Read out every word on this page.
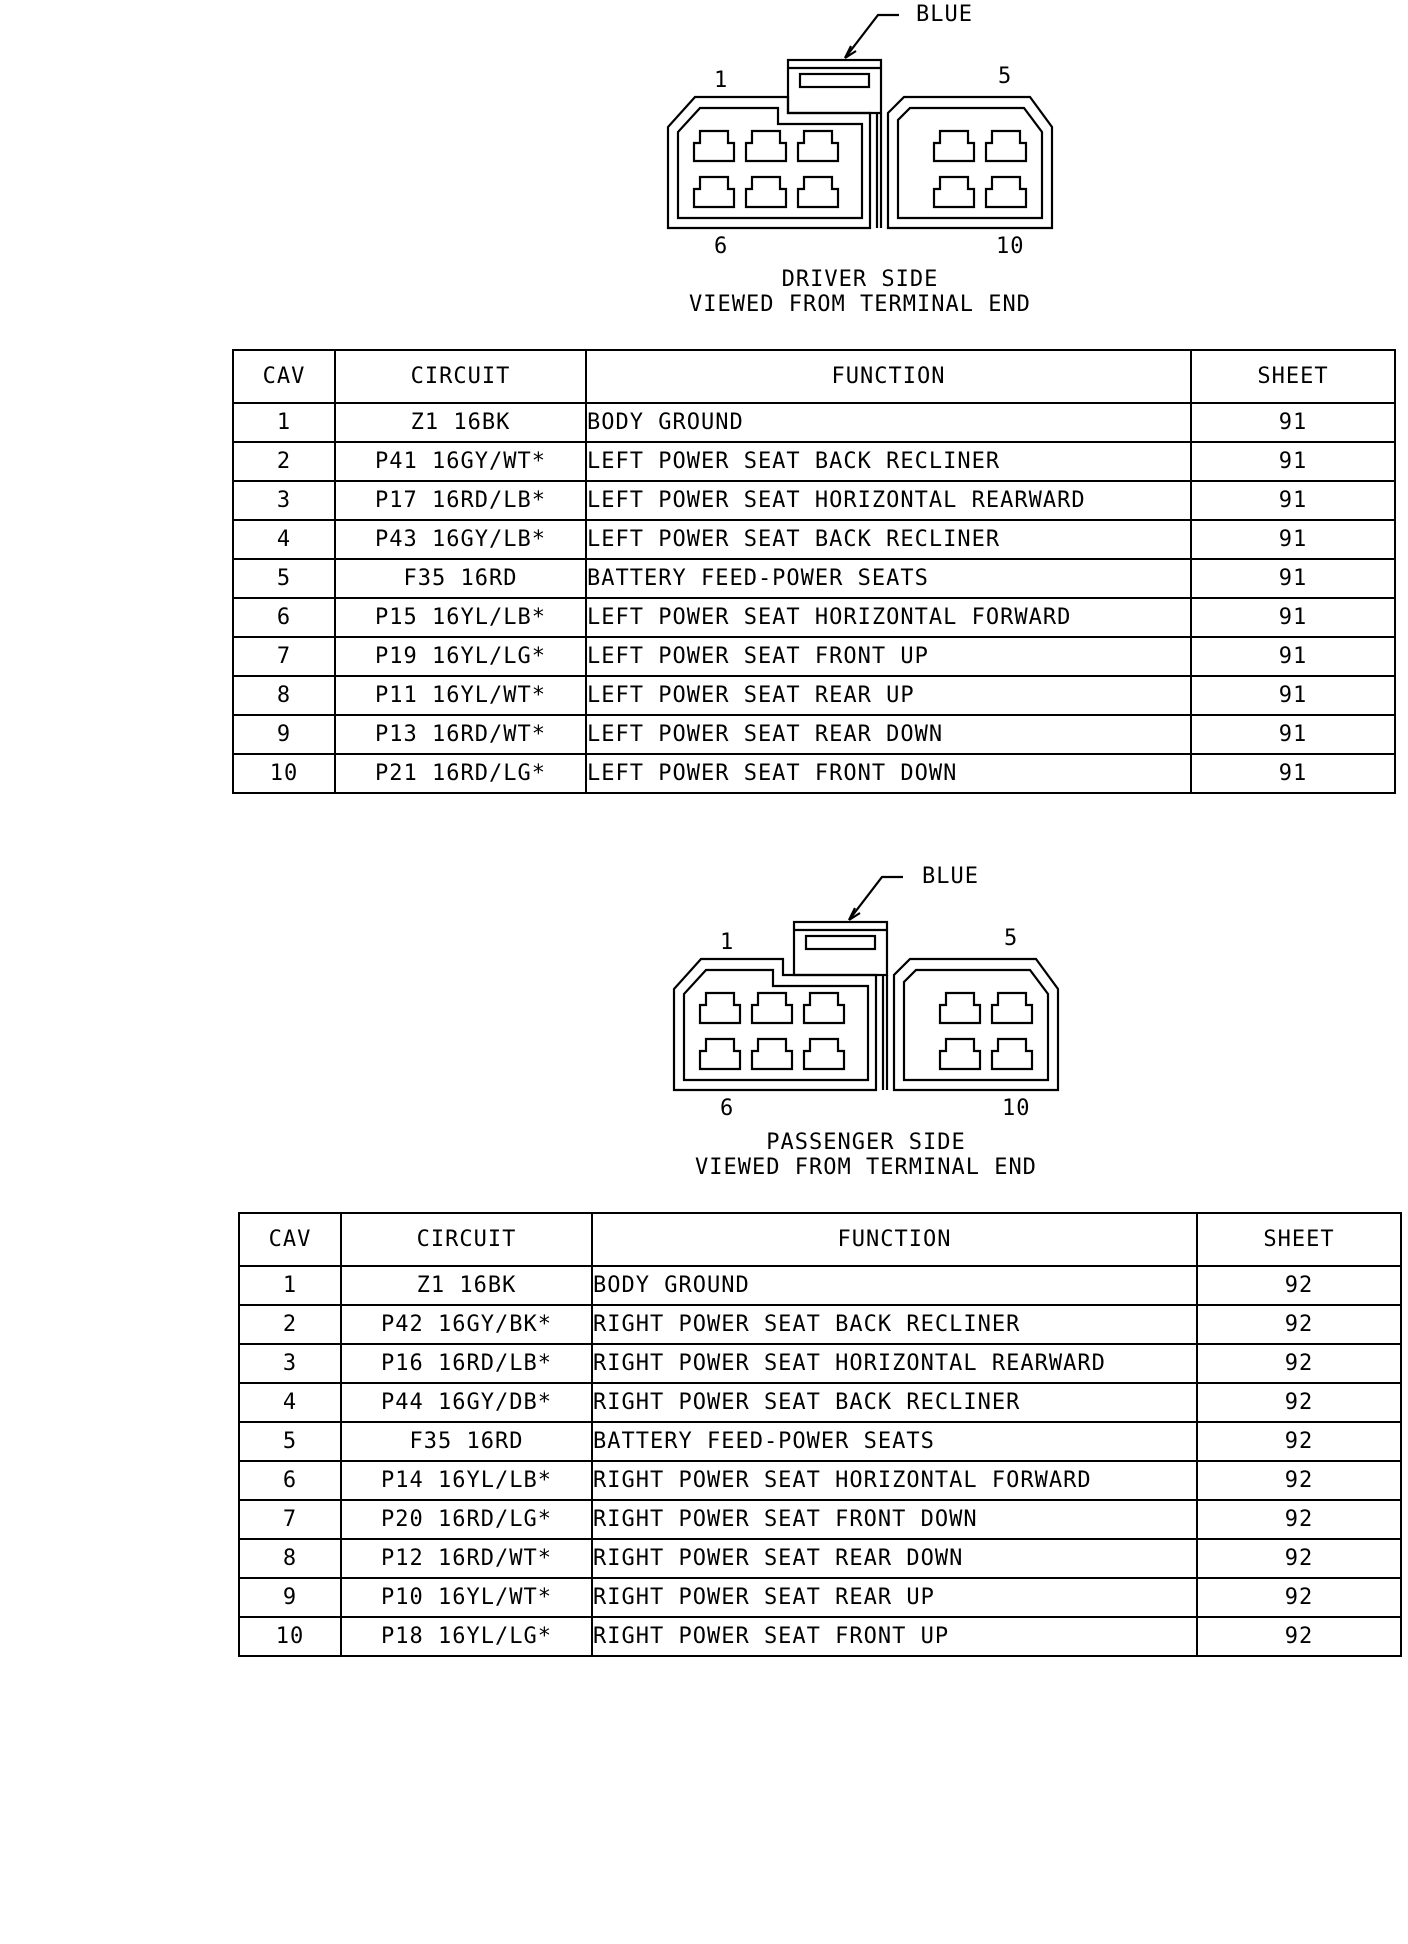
BLUE
1	5
6	10
DRIVER SIDE
VIEWED FROM TERMINAL END
CAV	CIRCUIT	FUNCTION	SHEET
1	Z1 16BK	BODY GROUND	91
2	P41 16GY/WT*	LEFT POWER SEAT BACK RECLINER	91
3	P17 16RD/LB*	LEFT POWER SEAT HORIZONTAL REARWARD	91
4	P43 16GY/LB*	LEFT POWER SEAT BACK RECLINER	91
5	F35 16RD	BATTERY FEED-POWER SEATS	91
6	P15 16YL/LB*	LEFT POWER SEAT HORIZONTAL FORWARD	91
7	P19 16YL/LG*	LEFT POWER SEAT FRONT UP	91
8	P11 16YL/WT*	LEFT POWER SEAT REAR UP	91
9	P13 16RD/WT*	LEFT POWER SEAT REAR DOWN	91
10	P21 16RD/LG*	LEFT POWER SEAT FRONT DOWN	91
BLUE
1	5
6	10
PASSENGER SIDE
VIEWED FROM TERMINAL END
CAV	CIRCUIT	FUNCTION	SHEET
1	Z1 16BK	BODY GROUND	92
2	P42 16GY/BK*	RIGHT POWER SEAT BACK RECLINER	92
3	P16 16RD/LB*	RIGHT POWER SEAT HORIZONTAL REARWARD	92
4	P44 16GY/DB*	RIGHT POWER SEAT BACK RECLINER	92
5	F35 16RD	BATTERY FEED-POWER SEATS	92
6	P14 16YL/LB*	RIGHT POWER SEAT HORIZONTAL FORWARD	92
7	P20 16RD/LG*	RIGHT POWER SEAT FRONT DOWN	92
8	P12 16RD/WT*	RIGHT POWER SEAT REAR DOWN	92
9	P10 16YL/WT*	RIGHT POWER SEAT REAR UP	92
10	P18 16YL/LG*	RIGHT POWER SEAT FRONT UP	92
